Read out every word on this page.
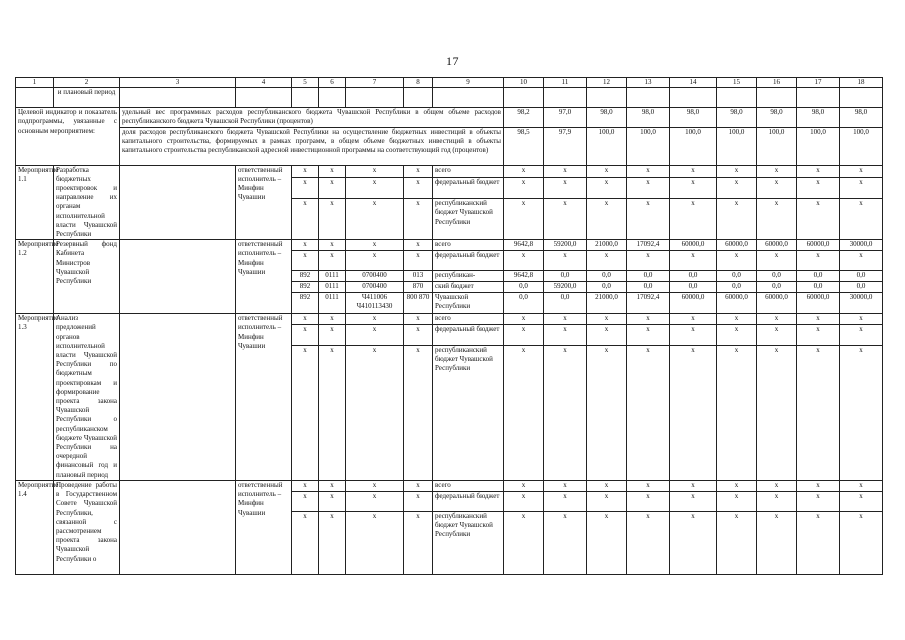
17
1	2	3	4	5	6	7	8	9	10	11	12	13	14	15	16	17	18
	и плановый период																
Целевой индикатор и показатель подпрограммы, увязанные с основным мероприятием:		удельный вес программных расходов республиканского бюджета Чувашской Республики в общем объеме расходов республиканского бюджета Чувашской Республики (процентов)							98,2	97,0	98,0	98,0	98,0	98,0	98,0	98,0	98,0
		доля расходов республиканского бюджета Чувашской Республики на осуществление бюджетных инвестиций в объекты капитального строительства, формируемых в рамках программ, в общем объеме бюджетных инвестиций в объекты капитального строительства республиканской адресной инвестиционной программы на соответствующий год (процентов)							98,5	97,9	100,0	100,0	100,0	100,0	100,0	100,0	100,0
Мероприятие 1.1	Разработка бюджетных проектировок и направление их органам исполнительной власти Чувашской Республики		ответственный исполнитель – Минфин Чувашии	x	x	x	x	всего	x	x	x	x	x	x	x	x	x
				x	x	x	x	федеральный бюджет	x	x	x	x	x	x	x	x	x
				x	x	x	x	республиканский бюджет Чувашской Республики	x	x	x	x	x	x	x	x	x
Мероприятие 1.2	Резервный фонд Кабинета Министров Чувашской Республики		ответственный исполнитель – Минфин Чувашии	x	x	x	x	всего	9642,8	59200,0	21000,0	17092,4	60000,0	60000,0	60000,0	60000,0	30000,0
				x	x	x	x	федеральный бюджет	x	x	x	x	x	x	x	x	x
				892	0111	0700400	013	республикан-	9642,8	0,0	0,0	0,0	0,0	0,0	0,0	0,0	0,0
				892	0111	0700400	870	ский бюджет	0,0	59200,0	0,0	0,0	0,0	0,0	0,0	0,0	0,0
				892	0111	Ч411006 Ч410113430	800 870	Чувашской Республики	0,0	0,0	21000,0	17092,4	60000,0	60000,0	60000,0	60000,0	30000,0
Мероприятие 1.3	Анализ предложений органов исполнительной власти Чувашской Республики по бюджетным проектировкам и формирование проекта закона Чувашской Республики о республиканском бюджете Чувашской Республики на очередной финансовый год и плановый период		ответственный исполнитель – Минфин Чувашии	x	x	x	x	всего	x	x	x	x	x	x	x	x	x
				x	x	x	x	федеральный бюджет	x	x	x	x	x	x	x	x	x
				x	x	x	x	республиканский бюджет Чувашской Республики	x	x	x	x	x	x	x	x	x
Мероприятие 1.4	Проведение работы в Государственном Совете Чувашской Республики, связанной с рассмотрением проекта закона Чувашской Республики о		ответственный исполнитель – Минфин Чувашии	x	x	x	x	всего	x	x	x	x	x	x	x	x	x
				x	x	x	x	федеральный бюджет	x	x	x	x	x	x	x	x	x
				x	x	x	x	республиканский бюджет Чувашской Республики	x	x	x	x	x	x	x	x	x
